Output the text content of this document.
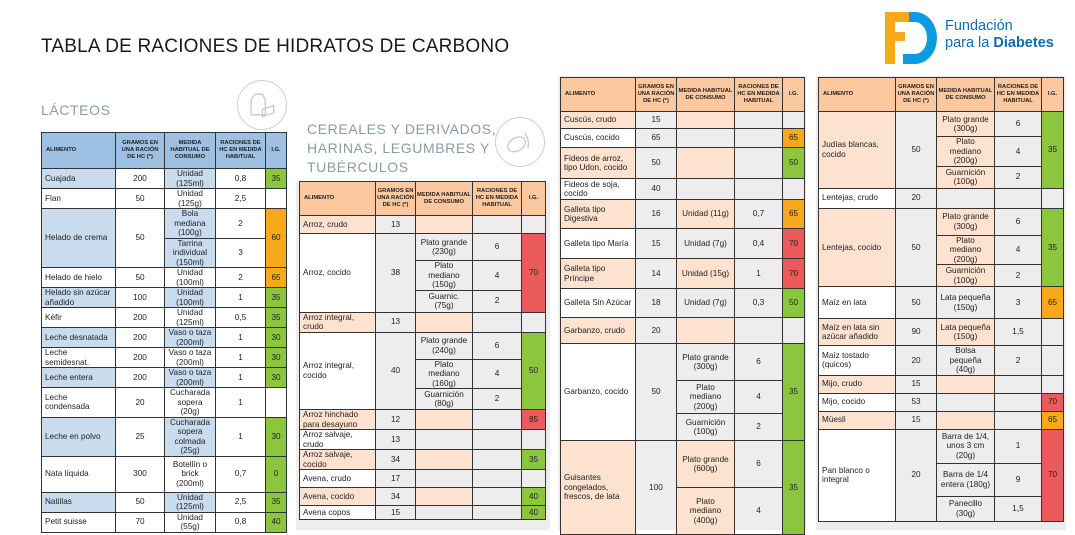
TABLA DE RACIONES DE HIDRATOS DE CARBONO
Fundación
para la Diabetes
LÁCTEOS
CEREALES Y DERIVADOS,
HARINAS, LEGUMBRES Y
TUBÉRCULOS
ALIMENTO	GRAMOS EN UNA RACIÓN DE HC (*)	MEDIDA HABITUAL DE CONSUMO	RACIONES DE HC EN MEDIDA HABITUAL	I.G.
Cuajada	200	Unidad (125ml)	0,8	35
Flan	50	Unidad (125g)	2,5	
Helado de crema	50	Bola mediana (100g)	2	60
		Tarrina individual (150ml)	3	
Helado de hielo	50	Unidad (100ml)	2	65
Helado sin azúcar añadido	100	Unidad (100ml)	1	35
Kéfir	200	Unidad (125ml)	0,5	35
Leche desnatada	200	Vaso o taza (200ml)	1	30
Leche semidesnat.	200	Vaso o taza (200ml)	1	30
Leche entera	200	Vaso o taza (200ml)	1	30
Leche condensada	20	Cucharada sopera (20g)	1	
Leche en polvo	25	Cucharada sopera colmada (25g)	1	30
Nata líquida	300	Botellín o brick (200ml)	0,7	0
Natillas	50	Unidad (125ml)	2,5	35
Petit suisse	70	Unidad (55g)	0,8	40
ALIMENTO	GRAMOS EN UNA RACIÓN DE HC (*)	MEDIDA HABITUAL DE CONSUMO	RACIONES DE HC EN MEDIDA HABITUAL	I.G.
Arroz, crudo	13			
Arroz, cocido	38	Plato grande (230g)	6	70
		Plato mediano (150g)	4	
		Guarnic. (75g)	2	
Arroz integral, crudo	13			
Arroz integral, cocido	40	Plato grande (240g)	6	50
		Plato mediano (160g)	4	
		Guarnición (80g)	2	
Arroz hinchado para desayuno	12			85
Arroz salvaje, crudo	13			
Arroz salvaje, cocido	34			35
Avena, crudo	17			
Avena, cocido	34			40
Avena copos	15			40
ALIMENTO	GRAMOS EN UNA RACIÓN DE HC (*)	MEDIDA HABITUAL DE CONSUMO	RACIONES DE HC EN MEDIDA HABITUAL	I.G.
Cuscús, crudo	15			
Cuscús, cocido	65			65
Fideos de arroz, tipo Udon, cocido	50			50
Fideos de soja, cocido	40			
Galleta tipo Digestiva	16	Unidad (11g)	0,7	65
Galleta tipo María	15	Unidad (7g)	0,4	70
Galleta tipo Príncipe	14	Unidad (15g)	1	70
Galleta Sin Azúcar	18	Unidad (7g)	0,3	50
Garbanzo, crudo	20			
Garbanzo, cocido	50	Plato grande (300g)	6	35
		Plato mediano (200g)	4	
		Guarnición (100g)	2	
Guisantes congelados, frescos, de lata	100	Plato grande (600g)	6	35
		Plato mediano (400g)	4	
ALIMENTO	GRAMOS EN UNA RACIÓN DE HC (*)	MEDIDA HABITUAL DE CONSUMO	RACIONES DE HC EN MEDIDA HABITUAL	I.G.
Judías blancas, cocido	50	Plato grande (300g)	6	35
		Plato mediano (200g)	4	
		Guarnición (100g)	2	
Lentejas, crudo	20			
Lentejas, cocido	50	Plato grande (300g)	6	35
		Plato mediano (200g)	4	
		Guarnición (100g)	2	
Maíz en lata	50	Lata pequeña (150g)	3	65
Maíz en lata sin azúcar añadido	90	Lata pequeña (150g)	1,5	
Maíz tostado (quicos)	20	Bolsa pequeña (40g)	2	
Mijo, crudo	15			
Mijo, cocido	53			70
Müesli	15			65
Pan blanco o integral	20	Barra de 1/4, unos 3 cm (20g)	1	70
		Barra de 1/4 entera (180g)	9	
		Panecillo (30g)	1,5	
